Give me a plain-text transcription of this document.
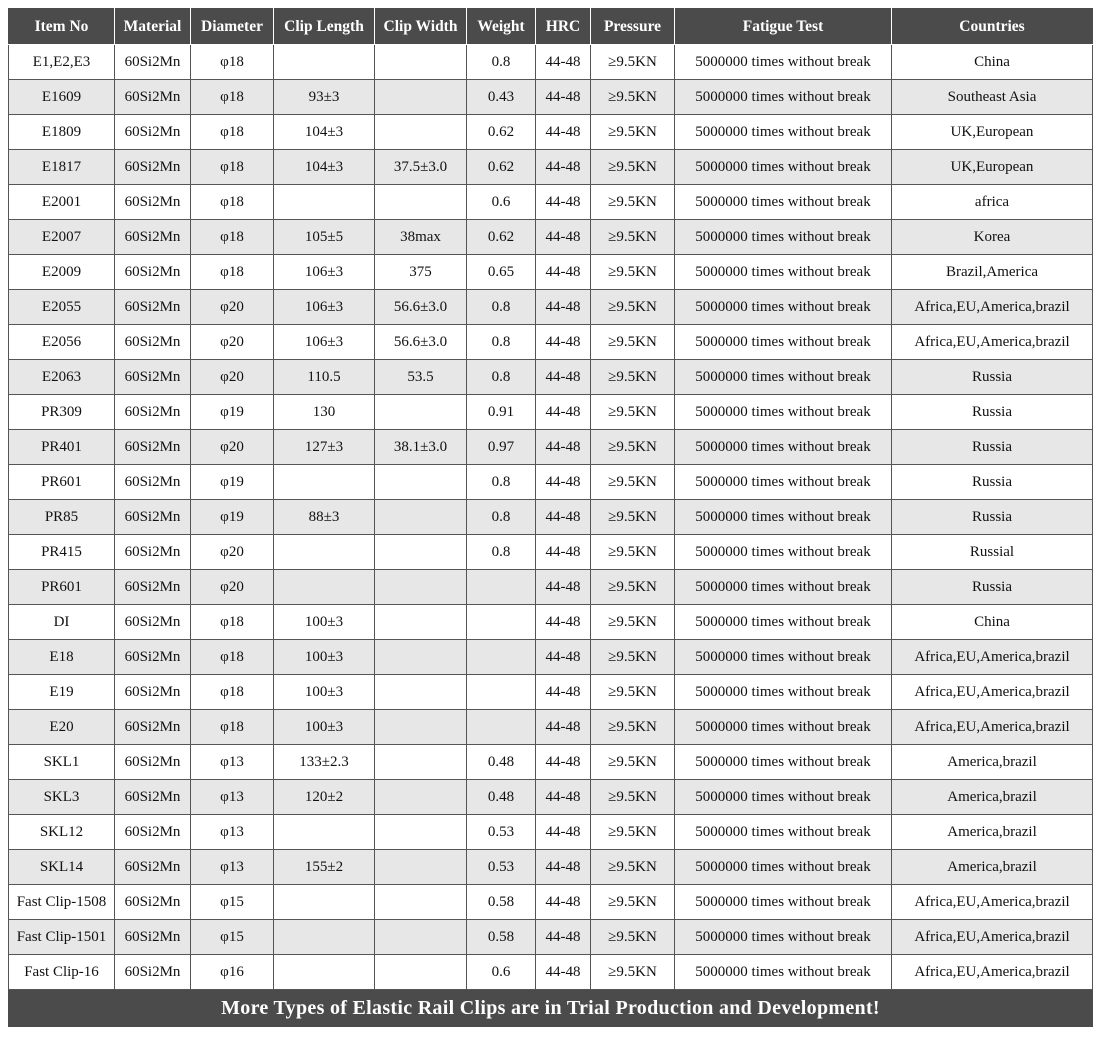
Item No	Material	Diameter	Clip Length	Clip Width	Weight	HRC	Pressure	Fatigue Test	Countries
E1,E2,E3	60Si2Mn	φ18			0.8	44-48	≥9.5KN	5000000 times without break	China
E1609	60Si2Mn	φ18	93±3		0.43	44-48	≥9.5KN	5000000 times without break	Southeast Asia
E1809	60Si2Mn	φ18	104±3		0.62	44-48	≥9.5KN	5000000 times without break	UK,European
E1817	60Si2Mn	φ18	104±3	37.5±3.0	0.62	44-48	≥9.5KN	5000000 times without break	UK,European
E2001	60Si2Mn	φ18			0.6	44-48	≥9.5KN	5000000 times without break	africa
E2007	60Si2Mn	φ18	105±5	38max	0.62	44-48	≥9.5KN	5000000 times without break	Korea
E2009	60Si2Mn	φ18	106±3	375	0.65	44-48	≥9.5KN	5000000 times without break	Brazil,America
E2055	60Si2Mn	φ20	106±3	56.6±3.0	0.8	44-48	≥9.5KN	5000000 times without break	Africa,EU,America,brazil
E2056	60Si2Mn	φ20	106±3	56.6±3.0	0.8	44-48	≥9.5KN	5000000 times without break	Africa,EU,America,brazil
E2063	60Si2Mn	φ20	110.5	53.5	0.8	44-48	≥9.5KN	5000000 times without break	Russia
PR309	60Si2Mn	φ19	130		0.91	44-48	≥9.5KN	5000000 times without break	Russia
PR401	60Si2Mn	φ20	127±3	38.1±3.0	0.97	44-48	≥9.5KN	5000000 times without break	Russia
PR601	60Si2Mn	φ19			0.8	44-48	≥9.5KN	5000000 times without break	Russia
PR85	60Si2Mn	φ19	88±3		0.8	44-48	≥9.5KN	5000000 times without break	Russia
PR415	60Si2Mn	φ20			0.8	44-48	≥9.5KN	5000000 times without break	Russial
PR601	60Si2Mn	φ20				44-48	≥9.5KN	5000000 times without break	Russia
DI	60Si2Mn	φ18	100±3			44-48	≥9.5KN	5000000 times without break	China
E18	60Si2Mn	φ18	100±3			44-48	≥9.5KN	5000000 times without break	Africa,EU,America,brazil
E19	60Si2Mn	φ18	100±3			44-48	≥9.5KN	5000000 times without break	Africa,EU,America,brazil
E20	60Si2Mn	φ18	100±3			44-48	≥9.5KN	5000000 times without break	Africa,EU,America,brazil
SKL1	60Si2Mn	φ13	133±2.3		0.48	44-48	≥9.5KN	5000000 times without break	America,brazil
SKL3	60Si2Mn	φ13	120±2		0.48	44-48	≥9.5KN	5000000 times without break	America,brazil
SKL12	60Si2Mn	φ13			0.53	44-48	≥9.5KN	5000000 times without break	America,brazil
SKL14	60Si2Mn	φ13	155±2		0.53	44-48	≥9.5KN	5000000 times without break	America,brazil
Fast Clip-1508	60Si2Mn	φ15			0.58	44-48	≥9.5KN	5000000 times without break	Africa,EU,America,brazil
Fast Clip-1501	60Si2Mn	φ15			0.58	44-48	≥9.5KN	5000000 times without break	Africa,EU,America,brazil
Fast Clip-16	60Si2Mn	φ16			0.6	44-48	≥9.5KN	5000000 times without break	Africa,EU,America,brazil
More Types of Elastic Rail Clips are in Trial Production and Development!									
